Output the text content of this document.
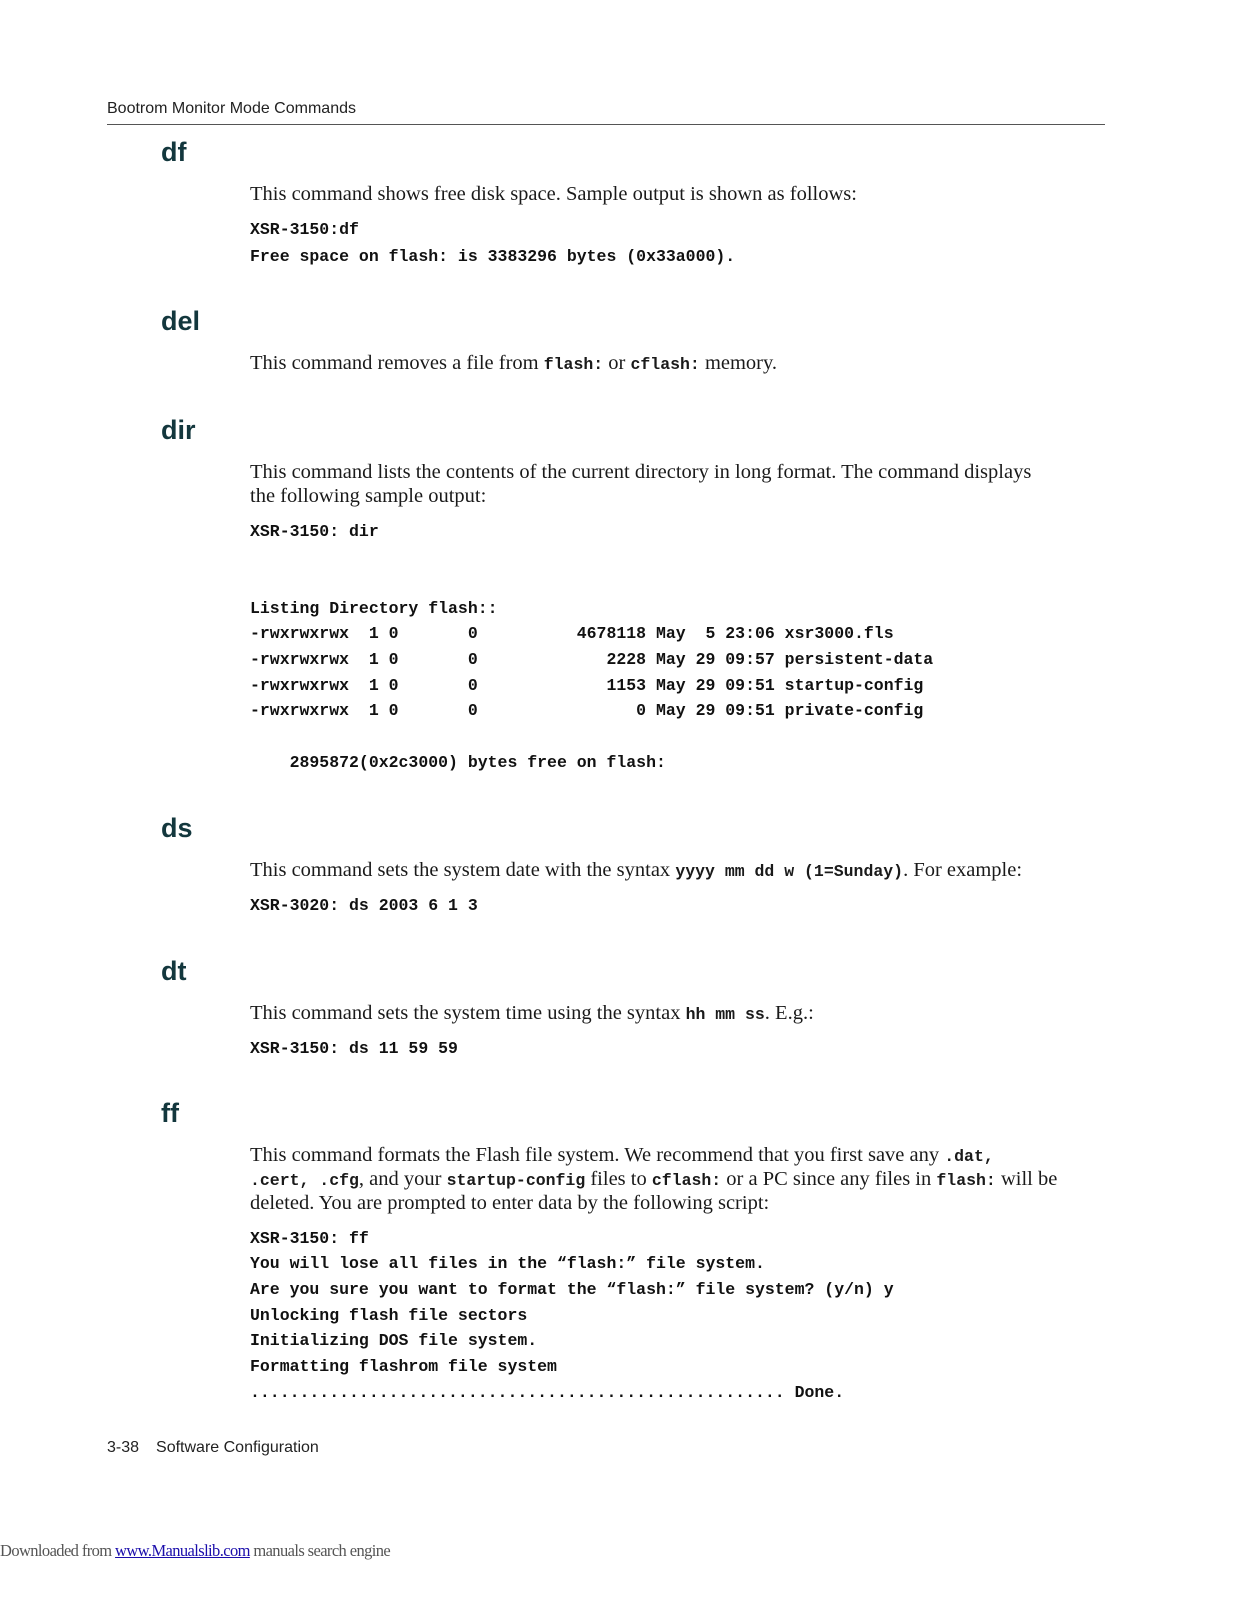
Bootrom Monitor Mode Commands
df
This command shows free disk space. Sample output is shown as follows:
XSR-3150:df
Free space on flash: is 3383296 bytes (0x33a000).
del
This command removes a file from flash: or cflash: memory.
dir
This command lists the contents of the current directory in long format. The command displays
the following sample output:
XSR-3150: dir
Listing Directory flash::
-rwxrwxrwx  1 0       0          4678118 May  5 23:06 xsr3000.fls
-rwxrwxrwx  1 0       0             2228 May 29 09:57 persistent-data
-rwxrwxrwx  1 0       0             1153 May 29 09:51 startup-config
-rwxrwxrwx  1 0       0                0 May 29 09:51 private-config
2895872(0x2c3000) bytes free on flash:
ds
This command sets the system date with the syntax yyyy mm dd w (1=Sunday). For example:
XSR-3020: ds 2003 6 1 3
dt
This command sets the system time using the syntax hh mm ss. E.g.:
XSR-3150: ds 11 59 59
ff
This command formats the Flash file system. We recommend that you first save any .dat,
.cert, .cfg, and your startup-config files to cflash: or a PC since any files in flash: will be
deleted. You are prompted to enter data by the following script:
XSR-3150: ff
You will lose all files in the “flash:” file system.
Are you sure you want to format the “flash:” file system? (y/n) y
Unlocking flash file sectors
Initializing DOS file system.
Formatting flashrom file system
...................................................... Done.
3-38 Software Configuration
Downloaded from www.Manualslib.com manuals search engine
